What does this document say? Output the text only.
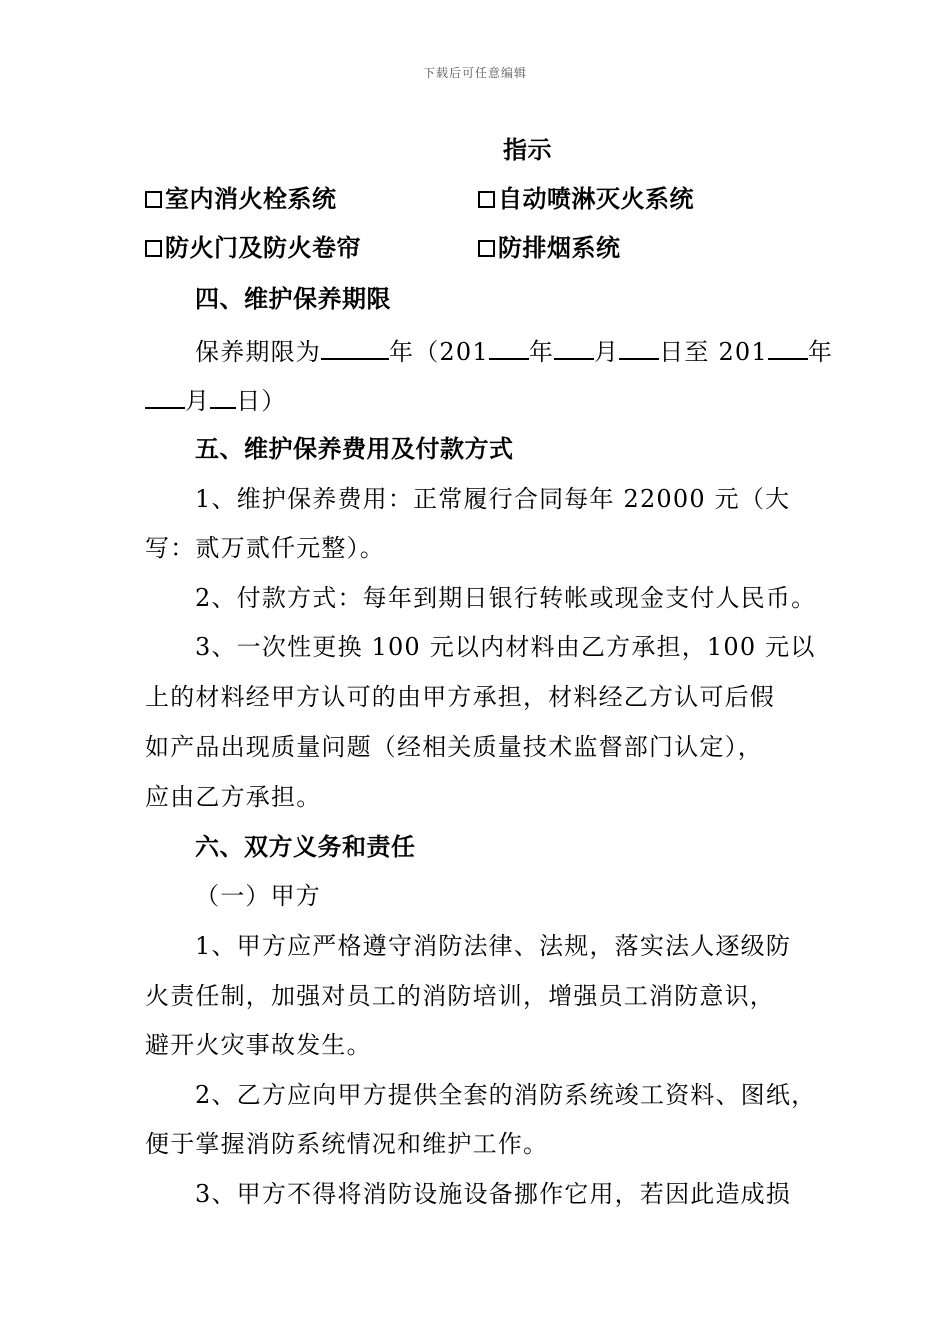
下载后可任意编辑
指示
室内消火栓系统	自动喷淋灭火系统
防火门及防火卷帘	防排烟系统
四、维护保养期限
保养期限为	年（201 年 月 日至 201 年
月 日）
五、维护保养费用及付款方式
1、维护保养费用：正常履行合同每年 22000 元（大
写：贰万贰仟元整）。
2、付款方式：每年到期日银行转帐或现金支付人民币。
3、一次性更换 100 元以内材料由乙方承担，100 元以
上的材料经甲方认可的由甲方承担，材料经乙方认可后假
如产品出现质量问题（经相关质量技术监督部门认定），
应由乙方承担。
六、双方义务和责任
（一）甲方
1、甲方应严格遵守消防法律、法规，落实法人逐级防
火责任制，加强对员工的消防培训，增强员工消防意识，
避开火灾事故发生。
2、乙方应向甲方提供全套的消防系统竣工资料、图纸，
便于掌握消防系统情况和维护工作。
3、甲方不得将消防设施设备挪作它用，若因此造成损
